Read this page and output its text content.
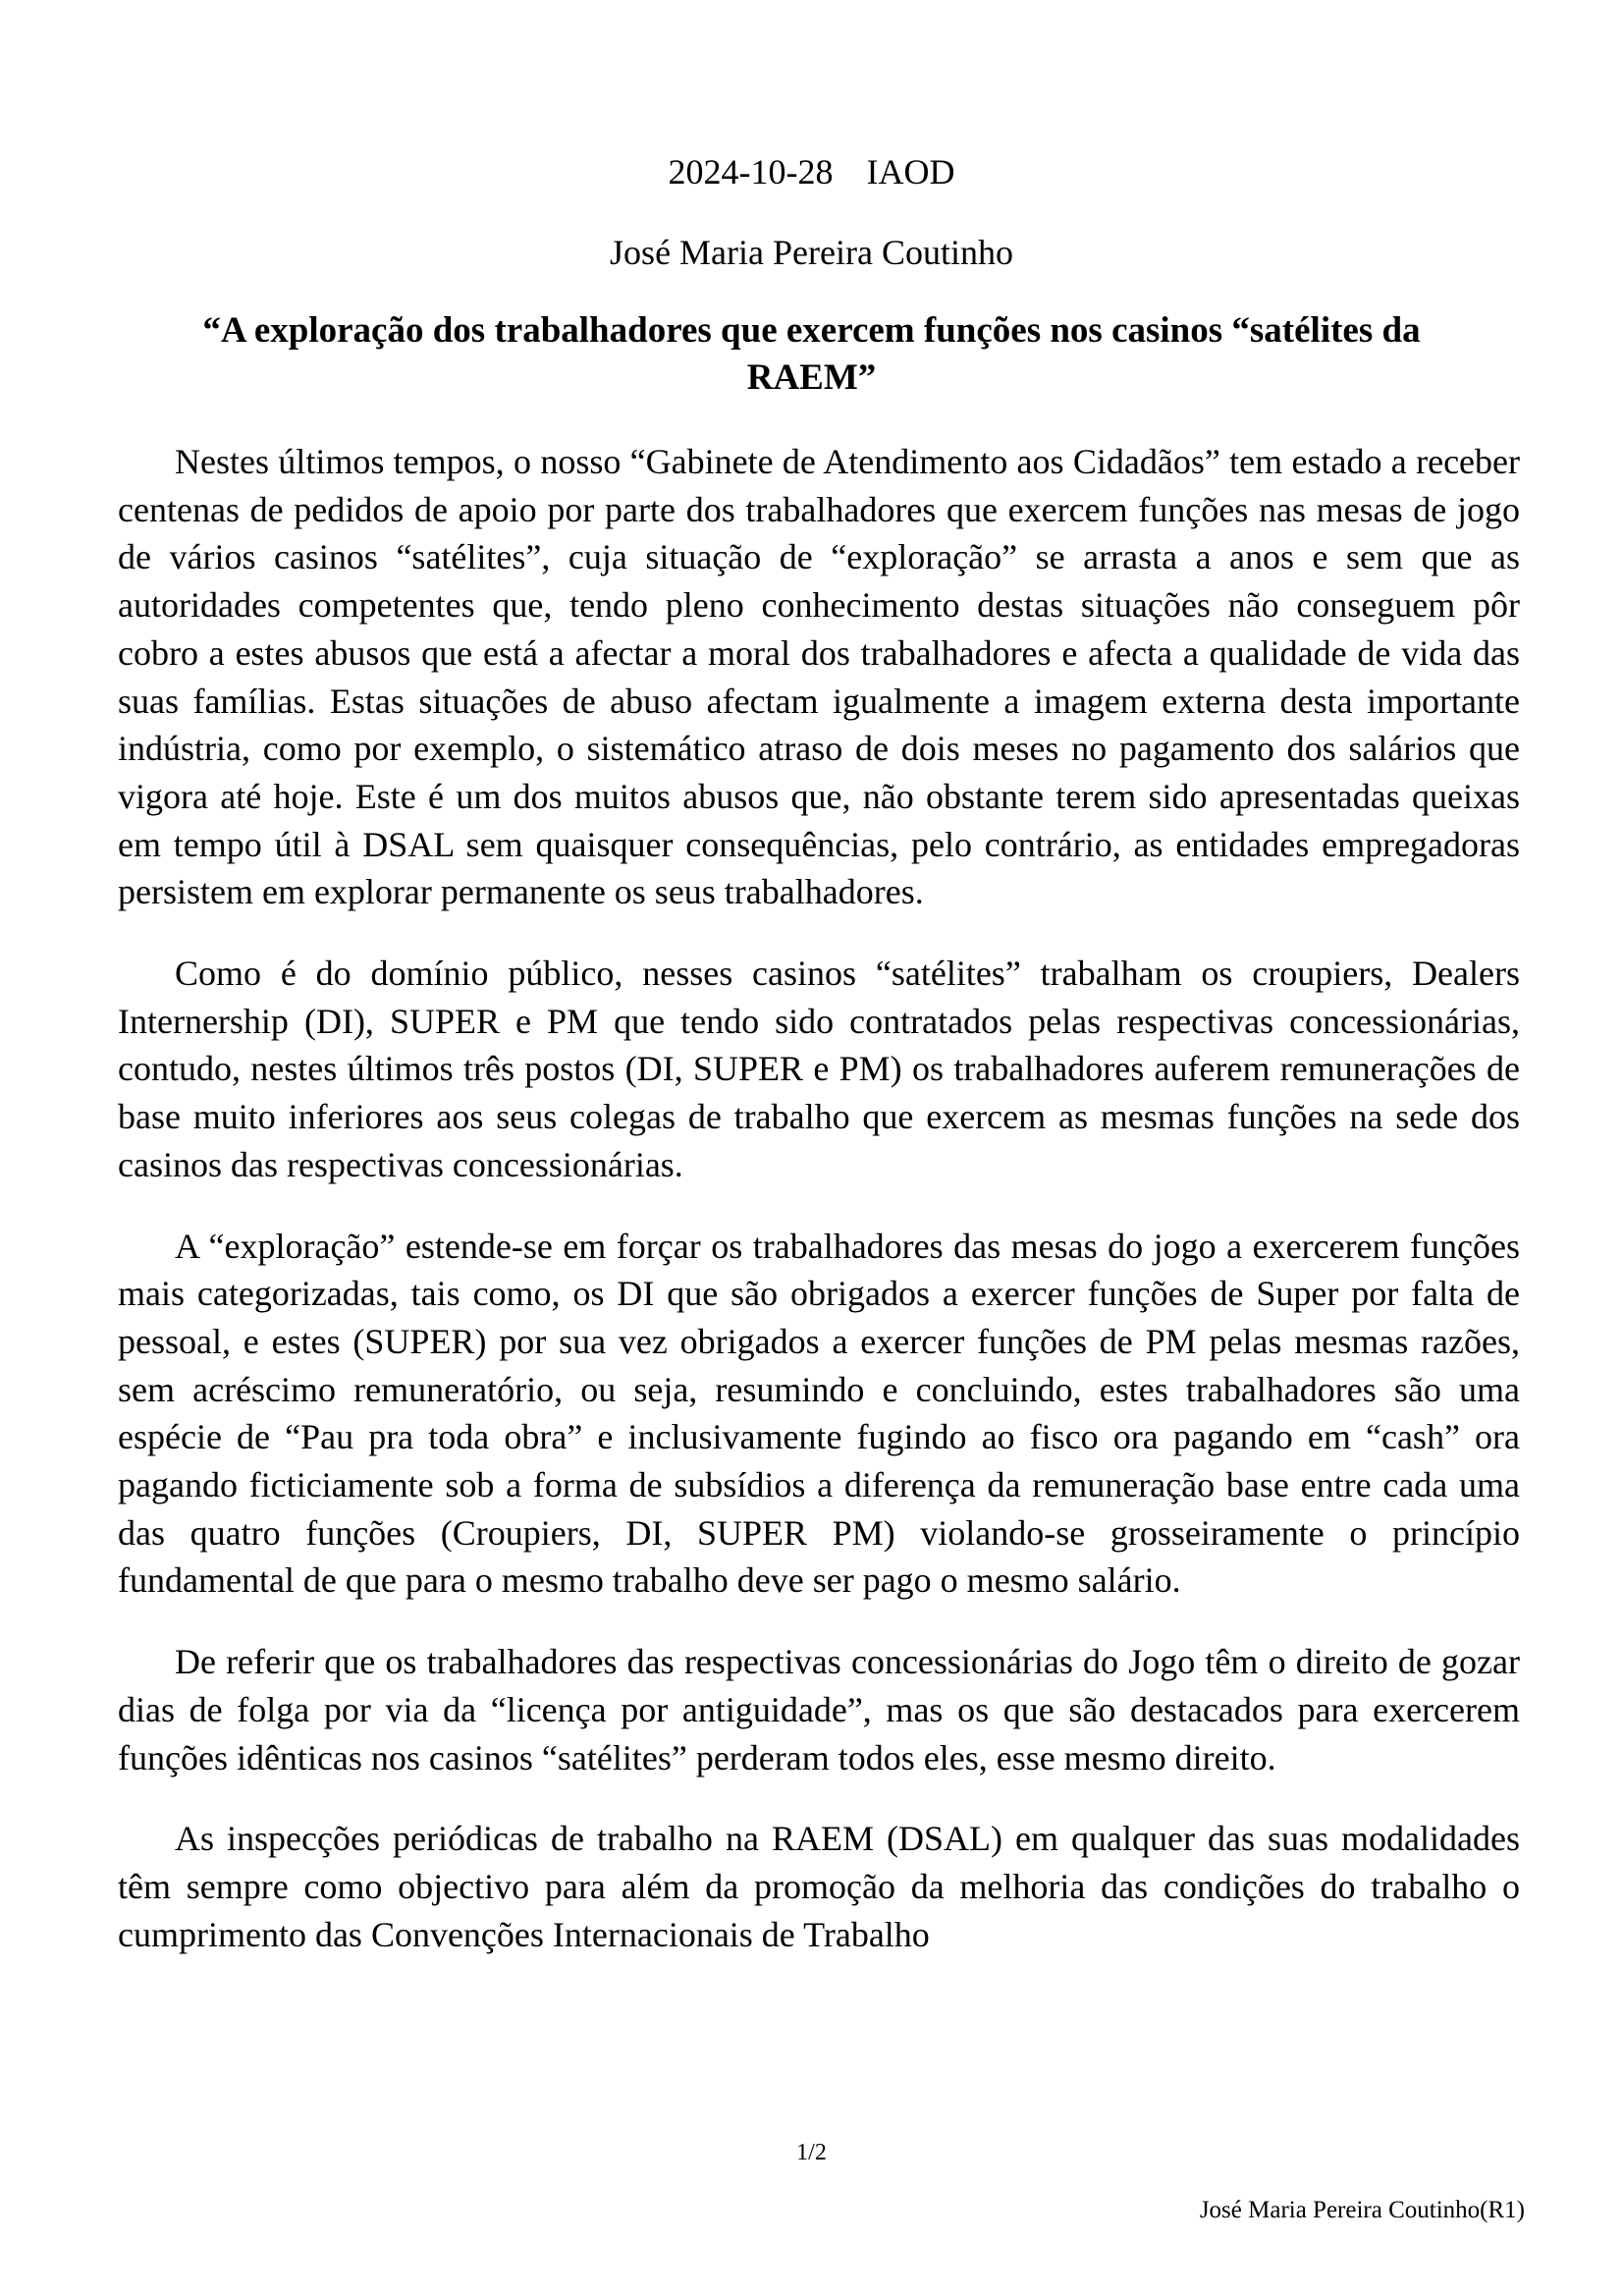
2024-10-28 IAOD
José Maria Pereira Coutinho
“A exploração dos trabalhadores que exercem funções nos casinos “satélites da RAEM”

Nestes últimos tempos, o nosso “Gabinete de Atendimento aos Cidadãos” tem estado a receber centenas de pedidos de apoio por parte dos trabalhadores que exercem funções nas mesas de jogo de vários casinos “satélites”, cuja situação de “exploração” se arrasta a anos e sem que as autoridades competentes que, tendo pleno conhecimento destas situações não conseguem pôr cobro a estes abusos que está a afectar a moral dos trabalhadores e afecta a qualidade de vida das suas famílias. Estas situações de abuso afectam igualmente a imagem externa desta importante indústria, como por exemplo, o sistemático atraso de dois meses no pagamento dos salários que vigora até hoje. Este é um dos muitos abusos que, não obstante terem sido apresentadas queixas em tempo útil à DSAL sem quaisquer consequências, pelo contrário, as entidades empregadoras persistem em explorar permanente os seus trabalhadores.

Como é do domínio público, nesses casinos “satélites” trabalham os croupiers, Dealers Internership (DI), SUPER e PM que tendo sido contratados pelas respectivas concessionárias, contudo, nestes últimos três postos (DI, SUPER e PM) os trabalhadores auferem remunerações de base muito inferiores aos seus colegas de trabalho que exercem as mesmas funções na sede dos casinos das respectivas concessionárias.

A “exploração” estende-se em forçar os trabalhadores das mesas do jogo a exercerem funções mais categorizadas, tais como, os DI que são obrigados a exercer funções de Super por falta de pessoal, e estes (SUPER) por sua vez obrigados a exercer funções de PM pelas mesmas razões, sem acréscimo remuneratório, ou seja, resumindo e concluindo, estes trabalhadores são uma espécie de “Pau pra toda obra” e inclusivamente fugindo ao fisco ora pagando em “cash” ora pagando ficticiamente sob a forma de subsídios a diferença da remuneração base entre cada uma das quatro funções (Croupiers, DI, SUPER PM) violando-se grosseiramente o princípio fundamental de que para o mesmo trabalho deve ser pago o mesmo salário.

De referir que os trabalhadores das respectivas concessionárias do Jogo têm o direito de gozar dias de folga por via da “licença por antiguidade”, mas os que são destacados para exercerem funções idênticas nos casinos “satélites” perderam todos eles, esse mesmo direito.

As inspecções periódicas de trabalho na RAEM (DSAL) em qualquer das suas modalidades têm sempre como objectivo para além da promoção da melhoria das condições do trabalho o cumprimento das Convenções Internacionais de Trabalho

1/2
José Maria Pereira Coutinho(R1)
